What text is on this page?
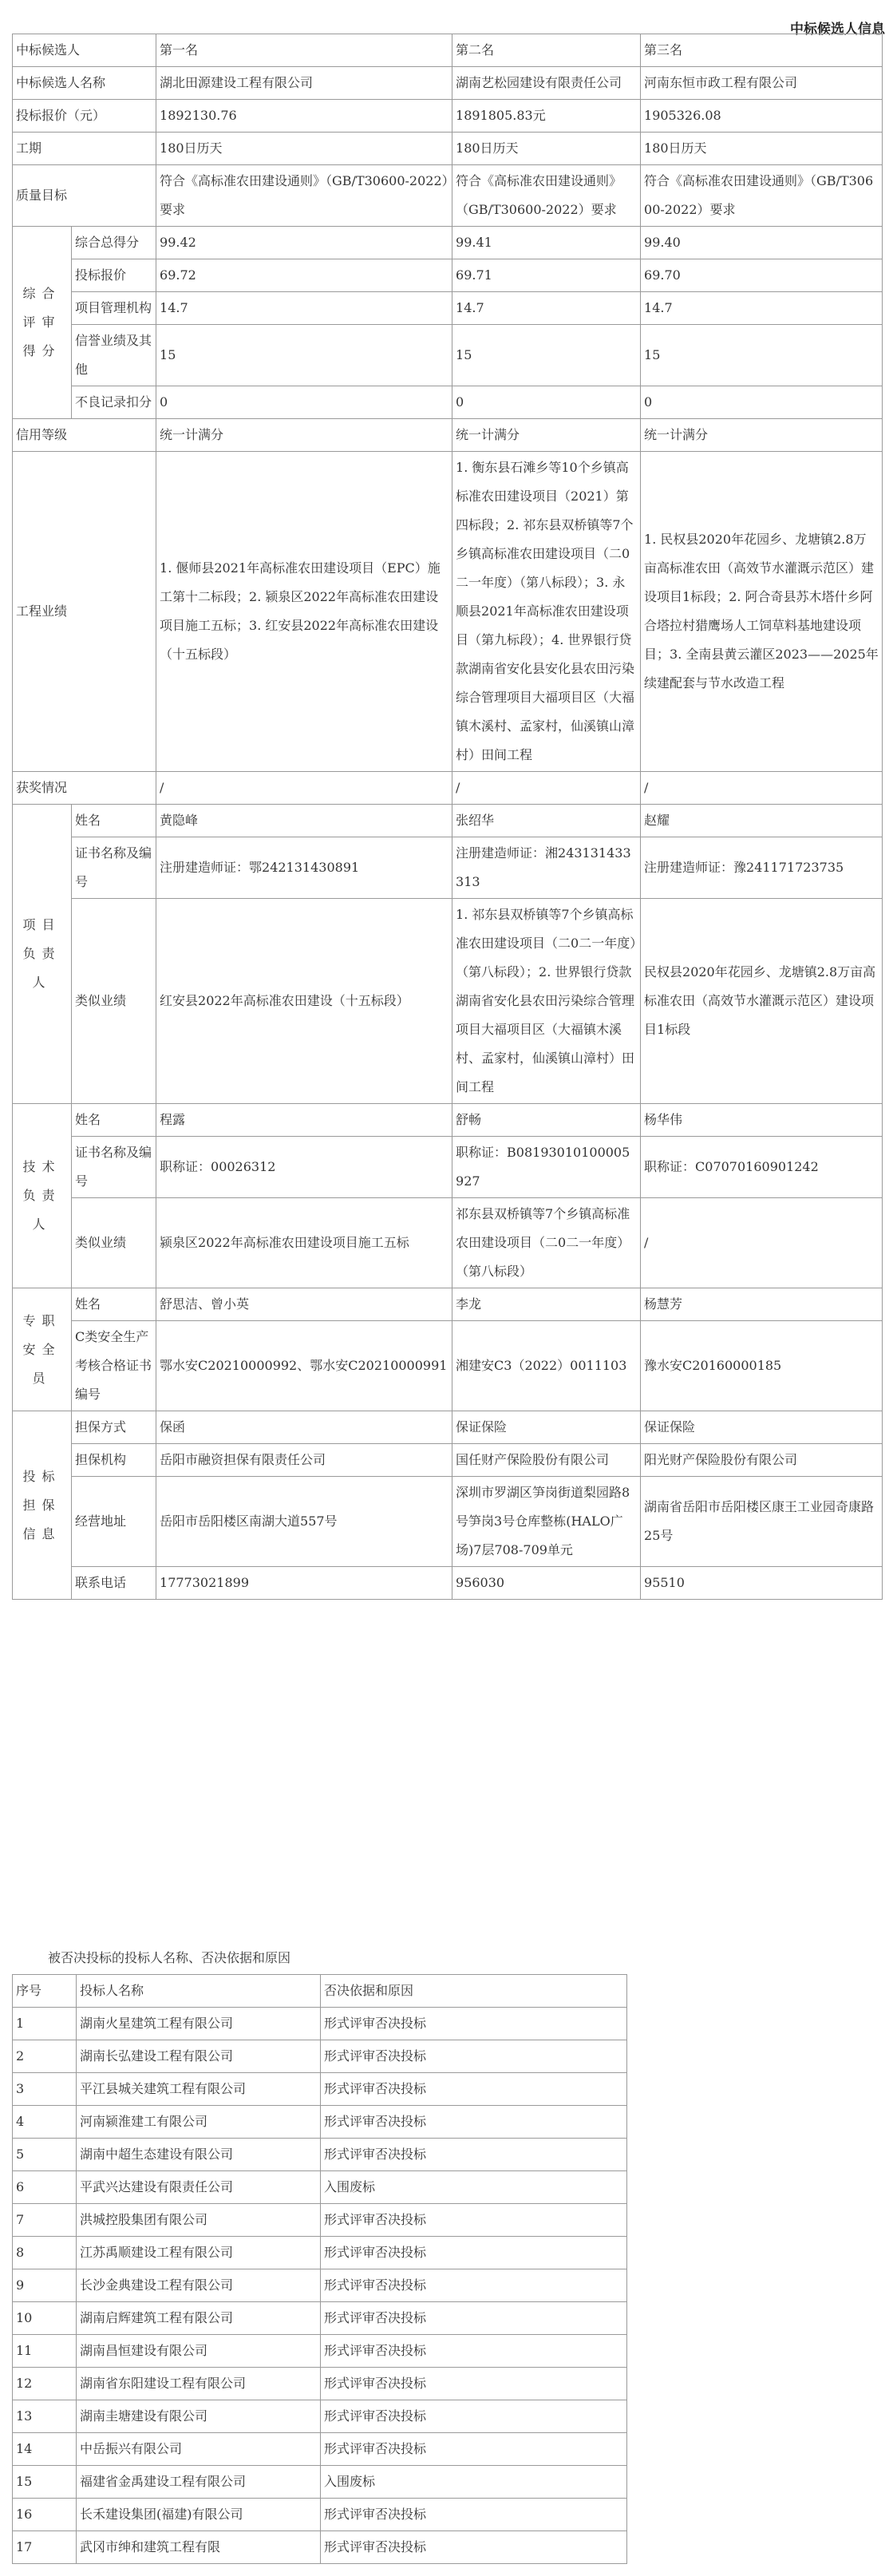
中标候选人信息
中标候选人		第一名	第二名	第三名
中标候选人名称		湖北田源建设工程有限公司	湖南艺松园建设有限责任公司	河南东恒市政工程有限公司
投标报价（元）		1892130.76	1891805.83元	1905326.08
工期		180日历天	180日历天	180日历天
质量目标		符合《高标准农田建设通则》（GB/T30600-2022）要求	符合《高标准农田建设通则》（GB/T30600-2022）要求	符合《高标准农田建设通则》（GB/T30600-2022）要求
综合评审得分	综合总得分	99.42	99.41	99.40
	投标报价	69.72	69.71	69.70
	项目管理机构	14.7	14.7	14.7
	信誉业绩及其他	15	15	15
	不良记录扣分	0	0	0
信用等级		统一计满分	统一计满分	统一计满分
工程业绩		1. 偃师县2021年高标准农田建设项目（EPC）施工第十二标段；2. 颍泉区2022年高标准农田建设项目施工五标；3. 红安县2022年高标准农田建设（十五标段）	1. 衡东县石滩乡等10个乡镇高标准农田建设项目（2021）第四标段；2. 祁东县双桥镇等7个乡镇高标准农田建设项目（二0二一年度）（第八标段）；3. 永顺县2021年高标准农田建设项目（第九标段）；4. 世界银行贷款湖南省安化县安化县农田污染综合管理项目大福项目区（大福镇木溪村、孟家村，仙溪镇山漳村）田间工程	1. 民权县2020年花园乡、龙塘镇2.8万亩高标准农田（高效节水灌溉示范区）建设项目1标段；2. 阿合奇县苏木塔什乡阿合塔拉村猎鹰场人工饲草料基地建设项目；3. 全南县黄云灌区2023——2025年续建配套与节水改造工程
获奖情况		/	/	/
项目负责人	姓名	黄隐峰	张绍华	赵耀
	证书名称及编号	注册建造师证：鄂242131430891	注册建造师证：湘243131433313	注册建造师证：豫241171723735
	类似业绩	红安县2022年高标准农田建设（十五标段）	1. 祁东县双桥镇等7个乡镇高标准农田建设项目（二0二一年度）（第八标段）；2. 世界银行贷款湖南省安化县农田污染综合管理项目大福项目区（大福镇木溪村、孟家村，仙溪镇山漳村）田间工程	民权县2020年花园乡、龙塘镇2.8万亩高标准农田（高效节水灌溉示范区）建设项目1标段
技术负责人	姓名	程露	舒畅	杨华伟
	证书名称及编号	职称证：00026312	职称证：B08193010100005927	职称证：C07070160901242
	类似业绩	颍泉区2022年高标准农田建设项目施工五标	祁东县双桥镇等7个乡镇高标准农田建设项目（二0二一年度）（第八标段）	/
专职安全员	姓名	舒思洁、曾小英	李龙	杨慧芳
	C类安全生产考核合格证书编号	鄂水安C20210000992、鄂水安C20210000991	湘建安C3（2022）0011103	豫水安C20160000185
投标担保信息	担保方式	保函	保证保险	保证保险
	担保机构	岳阳市融资担保有限责任公司	国任财产保险股份有限公司	阳光财产保险股份有限公司
	经营地址	岳阳市岳阳楼区南湖大道557号	深圳市罗湖区笋岗街道梨园路8号笋岗3号仓库整栋(HALO广场)7层708-709单元	湖南省岳阳市岳阳楼区康王工业园奇康路25号
	联系电话	17773021899	956030	95510
被否决投标的投标人名称、否决依据和原因
序号	投标人名称	否决依据和原因
1	湖南火星建筑工程有限公司	形式评审否决投标
2	湖南长弘建设工程有限公司	形式评审否决投标
3	平江县城关建筑工程有限公司	形式评审否决投标
4	河南颍淮建工有限公司	形式评审否决投标
5	湖南中超生态建设有限公司	形式评审否决投标
6	平武兴达建设有限责任公司	入围废标
7	洪城控股集团有限公司	形式评审否决投标
8	江苏禹顺建设工程有限公司	形式评审否决投标
9	长沙金典建设工程有限公司	形式评审否决投标
10	湖南启辉建筑工程有限公司	形式评审否决投标
11	湖南昌恒建设有限公司	形式评审否决投标
12	湖南省东阳建设工程有限公司	形式评审否决投标
13	湖南圭塘建设有限公司	形式评审否决投标
14	中岳振兴有限公司	形式评审否决投标
15	福建省金禹建设工程有限公司	入围废标
16	长禾建设集团(福建)有限公司	形式评审否决投标
17	武冈市绅和建筑工程有限	形式评审否决投标
